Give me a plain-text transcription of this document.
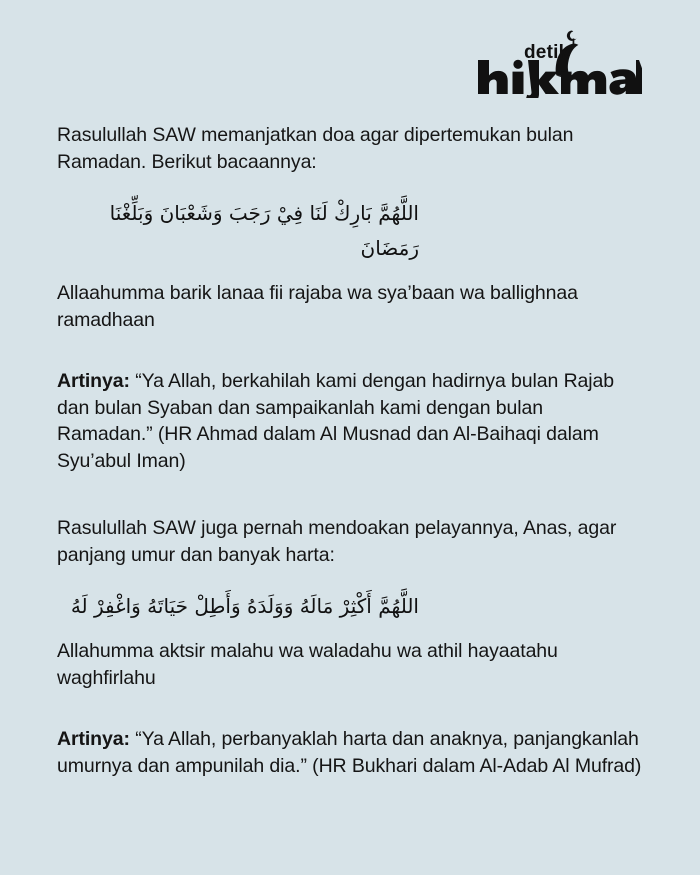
detik

Rasulullah SAW memanjatkan doa agar dipertemukan bulan Ramadan. Berikut bacaannya:

اللَّهُمَّ بَارِكْ لَنَا فِيْ رَجَبَ وَشَعْبَانَ وَبَلِّغْنَا رَمَضَانَ

Allaahumma barik lanaa fii rajaba wa sya’baan wa ballighnaa ramadhaan

Artinya: “Ya Allah, berkahilah kami dengan hadirnya bulan Rajab dan bulan Syaban dan sampaikanlah kami dengan bulan Ramadan.” (HR Ahmad dalam Al Musnad dan Al-Baihaqi dalam Syu’abul Iman)

Rasulullah SAW juga pernah mendoakan pelayannya, Anas, agar panjang umur dan banyak harta:

اللَّهُمَّ أَكْثِرْ مَالَهُ وَوَلَدَهُ وَأَطِلْ حَيَاتَهُ وَاغْفِرْ لَهُ

Allahumma aktsir malahu wa waladahu wa athil hayaatahu waghfirlahu

Artinya: “Ya Allah, perbanyaklah harta dan anaknya, panjangkanlah umurnya dan ampunilah dia.” (HR Bukhari dalam Al-Adab Al Mufrad)
